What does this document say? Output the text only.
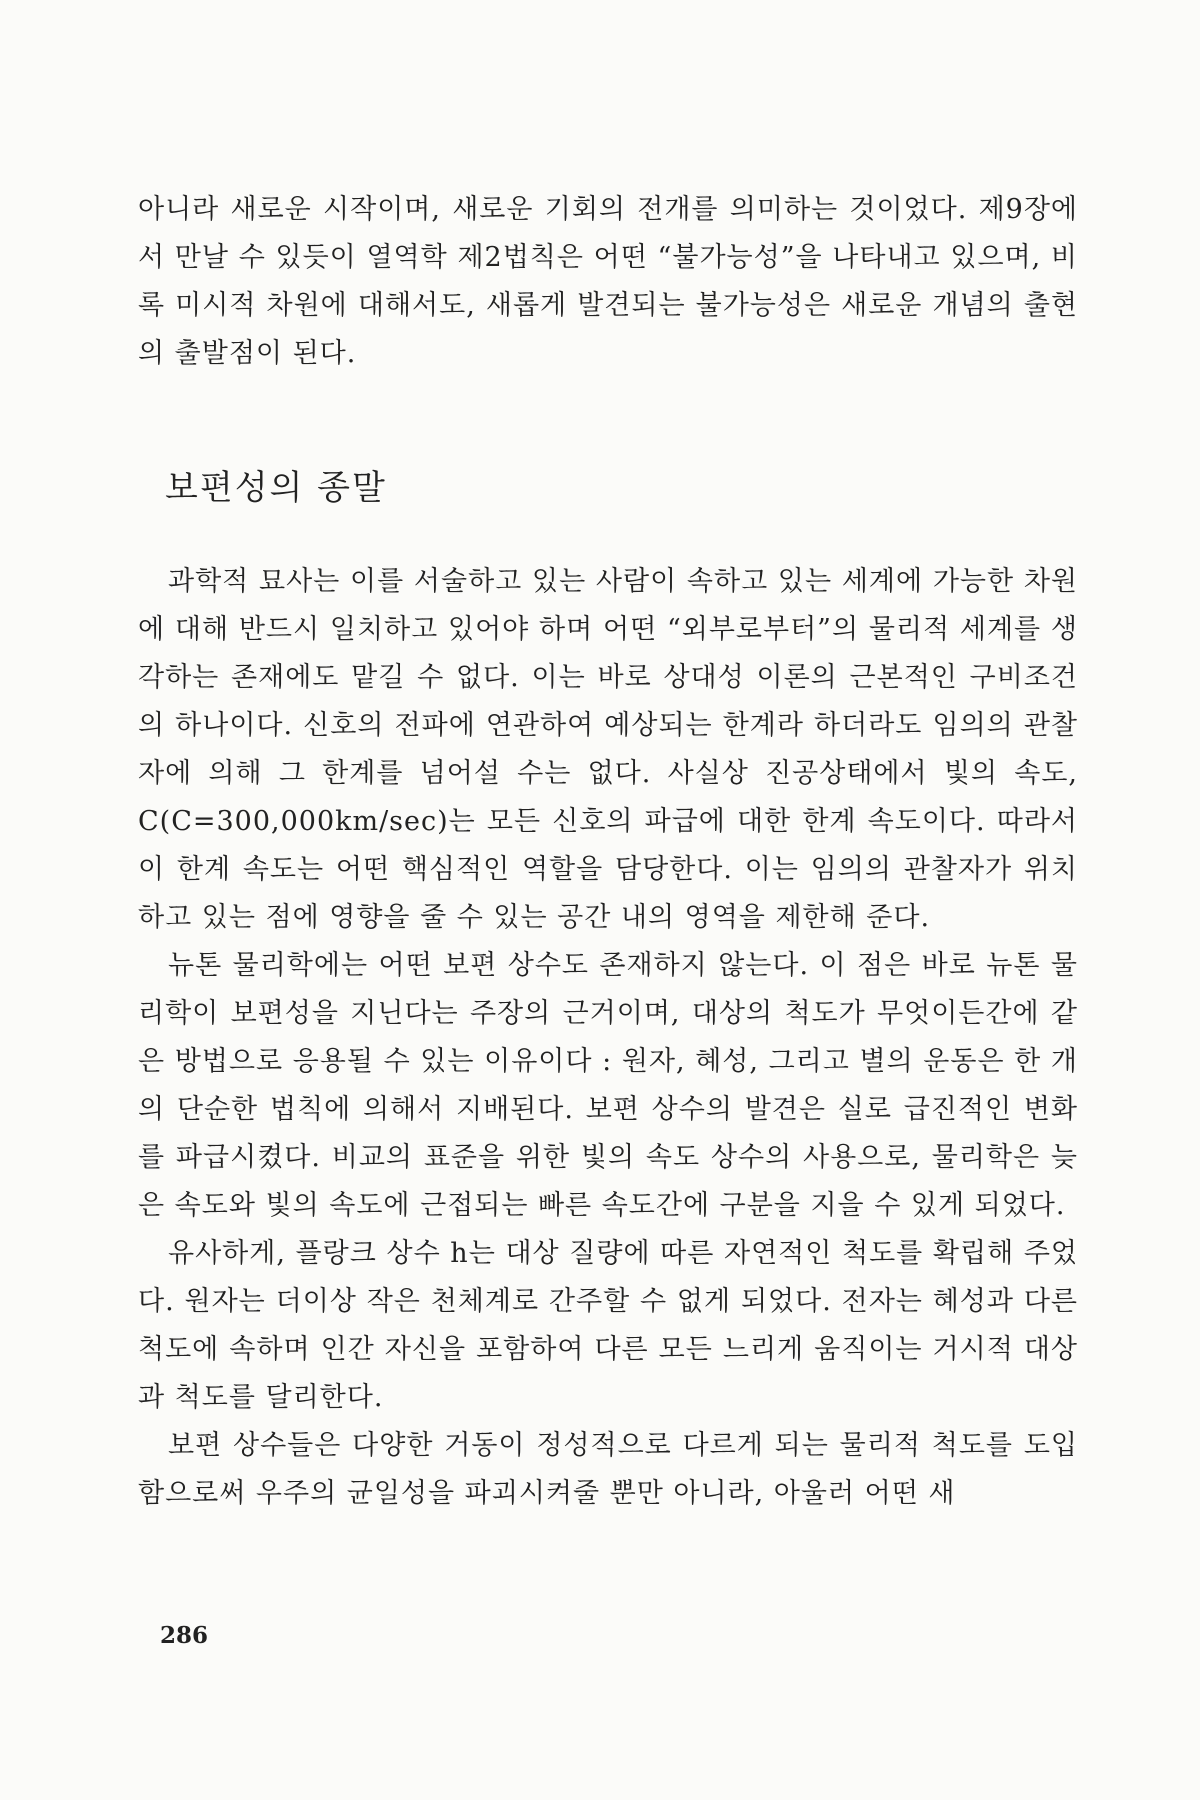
아니라 새로운 시작이며, 새로운 기회의 전개를 의미하는 것이었다. 제9장에서 만날 수 있듯이 열역학 제2법칙은 어떤 “불가능성”을 나타내고 있으며, 비록 미시적 차원에 대해서도, 새롭게 발견되는 불가능성은 새로운 개념의 출현의 출발점이 된다.

보편성의 종말

과학적 묘사는 이를 서술하고 있는 사람이 속하고 있는 세계에 가능한 차원에 대해 반드시 일치하고 있어야 하며 어떤 “외부로부터”의 물리적 세계를 생각하는 존재에도 맡길 수 없다. 이는 바로 상대성 이론의 근본적인 구비조건의 하나이다. 신호의 전파에 연관하여 예상되는 한계라 하더라도 임의의 관찰자에 의해 그 한계를 넘어설 수는 없다. 사실상 진공상태에서 빛의 속도, C(C=300,000km/sec)는 모든 신호의 파급에 대한 한계 속도이다. 따라서 이 한계 속도는 어떤 핵심적인 역할을 담당한다. 이는 임의의 관찰자가 위치하고 있는 점에 영향을 줄 수 있는 공간 내의 영역을 제한해 준다.

뉴톤 물리학에는 어떤 보편 상수도 존재하지 않는다. 이 점은 바로 뉴톤 물리학이 보편성을 지닌다는 주장의 근거이며, 대상의 척도가 무엇이든간에 같은 방법으로 응용될 수 있는 이유이다 : 원자, 혜성, 그리고 별의 운동은 한 개의 단순한 법칙에 의해서 지배된다. 보편 상수의 발견은 실로 급진적인 변화를 파급시켰다. 비교의 표준을 위한 빛의 속도 상수의 사용으로, 물리학은 늦은 속도와 빛의 속도에 근접되는 빠른 속도간에 구분을 지을 수 있게 되었다.

유사하게, 플랑크 상수 h는 대상 질량에 따른 자연적인 척도를 확립해 주었다. 원자는 더이상 작은 천체계로 간주할 수 없게 되었다. 전자는 혜성과 다른 척도에 속하며 인간 자신을 포함하여 다른 모든 느리게 움직이는 거시적 대상과 척도를 달리한다.

보편 상수들은 다양한 거동이 정성적으로 다르게 되는 물리적 척도를 도입함으로써 우주의 균일성을 파괴시켜줄 뿐만 아니라, 아울러 어떤 새

286
